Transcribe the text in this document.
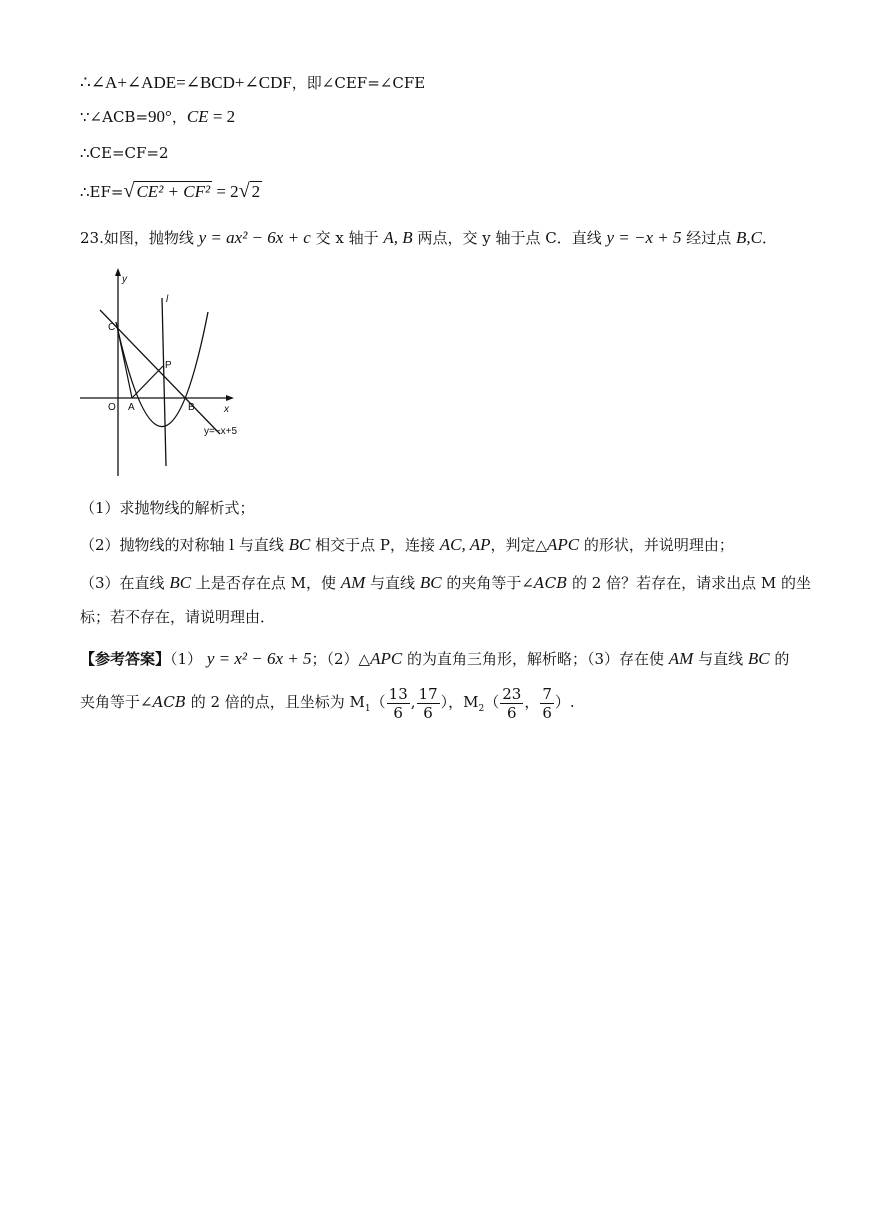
∴∠A+∠ADE=∠BCD+∠CDF，即∠CEF=∠CFE
∵∠ACB=90°，CE = 2
∴CE=CF=2
∴EF=√ CE² + CF² = 2√ 2
23.如图，抛物线 y = ax² − 6x + c 交 x 轴于 A, B 两点，交 y 轴于点 C．直线 y = −x + 5 经过点 B,C．
y
x
l
C
P
O A	B
y=−x+5
（1）求抛物线的解析式；
（2）抛物线的对称轴 l 与直线 BC 相交于点 P，连接 AC, AP，判定△APC 的形状，并说明理由；
（3）在直线 BC 上是否存在点 M，使 AM 与直线 BC 的夹角等于∠ACB 的 2 倍？若存在，请求出点 M 的坐
标；若不存在，请说明理由．
【参考答案】（1） y = x² − 6x + 5；（2）△APC 的为直角三角形，解析略；（3）存在使 AM 与直线 BC 的
夹角等于∠ACB 的 2 倍的点，且坐标为 $M_1( \frac{13}{6}$ , $\frac{17}{6}$ ），$M_2( \frac{23}{6}$ ， $\frac{7}{6}$ ）.
